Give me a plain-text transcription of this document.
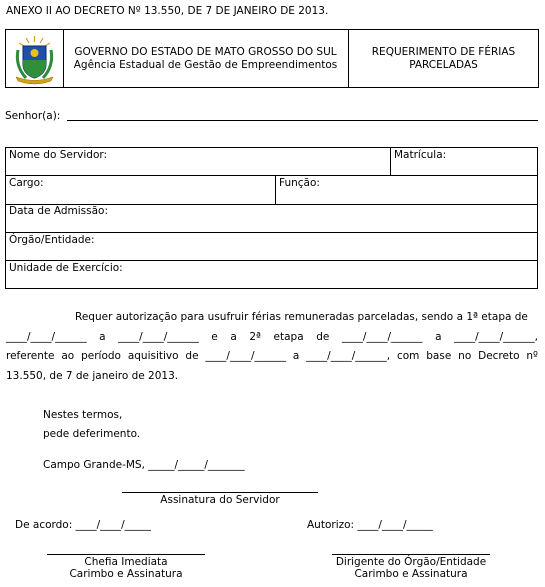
ANEXO II AO DECRETO Nº 13.550, DE 7 DE JANEIRO DE 2013.
GOVERNO DO ESTADO DE MATO GROSSO DO SUL
Agência Estadual de Gestão de Empreendimentos
REQUERIMENTO DE FÉRIAS
PARCELADAS
Senhor(a):
Nome do Servidor:	Matrícula:
Cargo:	Função:
Data de Admissão:
Órgão/Entidade:
Unidade de Exercício:

Requer autorização para usufruir férias remuneradas parceladas, sendo a 1ª etapa de

____/____/______ a ____/____/______ e a 2ª etapa de ____/____/______ a ____/____/______,

referente ao período aquisitivo de ____/____/______ a ____/____/______, com base no Decreto nº

13.550, de 7 de janeiro de 2013.

Nestes termos,
pede deferimento.
Campo Grande-MS, _____/_____/_______
Assinatura do Servidor
De acordo: ____/____/_____	Autorizo: ____/____/_____
Chefia Imediata
Carimbo e Assinatura
Dirigente do Órgão/Entidade
Carimbo e Assinatura
